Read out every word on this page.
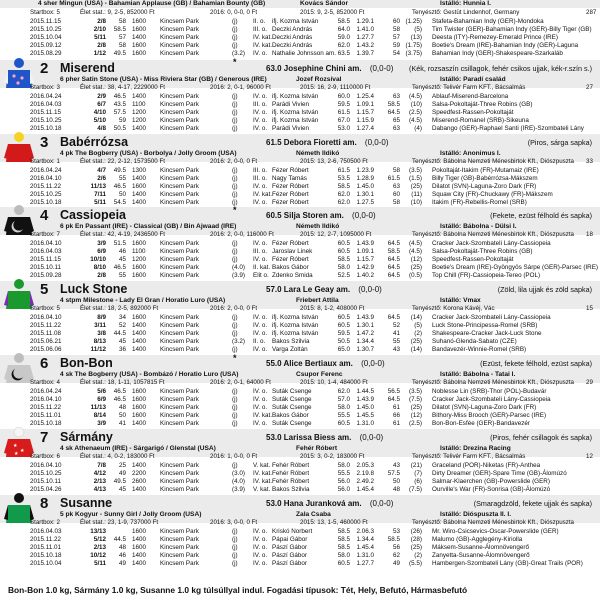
4 sher Mingun (USA) - Bahamian Applause (GB) / Bahamian Bounty (GB)	Kovács Sándor	Istálló: Hunnia I.
Startbox: 5	Élet stat.: 9, 2-5, 852000 Ft	2016: 0, 0-0, 0 Ft	2015: 9, 2-5, 852000 Ft	Tenyésztő: Gestüt Lindenhof, Germany	287
2015.11.15	2/8	58 1600 Kincsem Park	(j) II. o. ifj. Kozma István	58.5	1.29.1	60 (1.25) Stafeta-Bahamian Indy (GER)-Mondoka
2015.10.25	2/10	58.5 1600 Kincsem Park	(j) III. o. Deczki András	64.0	1.41.0	58	(5) Tim Twister (GER)-Bahamian Indy (GER)-Billy Tiger (GB)
2015.10.04	5/11	57 1400 Kincsem Park	(j) IV. kat. Deczki András	59.0	1.27.7	57	(13) Deesta (ITY)-Remezey-Emerald Prince (IRE)
2015.09.12	2/8	58 1600 Kincsem Park	(j) IV. kat. Deczki András	62.0	1.43.2	59 (1.75) Boetie's Dream (IRE)-Bahamian Indy (GER)-Laguna
2015.08.29	1/12	49.5 1600 Kincsem Park	(3.2) IV. o. Nathalie Johnsson am. 63.5	1.39.7	54 (3.75) Bahamian Indy (GER)-Shakespeare-Szarkaláb
2 Miserend	63.0 Josephine Chini am. (0,0-0) (Kék, rozsaszín csillagok, fehér csikos ujjak, kék-r.szín s.)
6 pher Satin Stone (USA) - Miss Riviera Star (GB) / Generous (IRE)	Jozef Rozsíval	Istálló: Paradí család
Startbox: 3	Élet stat.: 38, 4-17, 2229000 Ft	2016: 2, 0-1, 96000 Ft	2015: 16, 2-9, 1110000 Ft	Tenyésztő: Telivér Farm KFT., Bácsalmás	27
2016.04.24	2/9	46.5 1400 Kincsem Park	(j) IV. o. ifj. Kozma István	60.0	1.25.4	63	(4.5) Ablauf-Miserend-Barcelona
2016.04.03	6/7	43.5 1100 Kincsem Park	(j) III. o. Parádi Vivien	59.5	1.09.1	58.5	(10) Salsa-Pokoltaját-Three Robins (GB)
2015.11.15	4/10	57.5 1200 Kincsem Park	(j) IV. o. ifj. Kozma István	61.5	1.15.7	64.5	(2.5) Speedfest-Rassen-Pokoltaját
2015.10.25	5/10	59 1200 Kincsem Park	(j) IV. o. ifj. Kozma István	67.0	1.15.9	65	(4.5) Miserend-Romanel (SRB)-Sikeuna
2015.10.18	4/8	50.5 1400 Kincsem Park	(j) IV. o. Parádi Vivien	53.0	1.27.4	63	(4) Dabango (GER)-Raphael Santi (IRE)-Szombateli Lány
3 Babérrózsa	61.5 Debora Fioretti am. (0,0-0)	(Piros, sárga sapka)
4 pk The Bogberry (USA) - Borbolya / Jolly Groom (USA)	Németh Ildikó	Istálló: Anonimus I.
Startbox: 1	Élet stat.: 22, 2-12, 1573500 Ft	2016: 2, 0-0, 0 Ft	2015: 13, 2-6, 750500 Ft	Tenyésztő: Bábolna Nemzeti Ménesbirtok Kft., Diószpuszta 33
2016.04.24	4/7	49.5 1300 Kincsem Park	(j) III. o. Fézer Róbert	61.5	1.23.9	58	(3.5) Pokoltaját-Itakim (FR)-Mutamaiz (IRE)
2016.04.10	2/6	55 1400 Kincsem Park	(j) III. o. Nagy Tamás	53.5	1.28.9	61.5	(1.5) Billy Tiger (GB)-Babérrózsa-Mákszem
2015.11.22	11/13	46.5 1600 Kincsem Park	(j) IV. o. Fézer Róbert	58.5	1.45.0	63	(25) Dilatot (SVN)-Laguna-Zoro Dark (FR)
2015.10.25	7/11	50 1400 Kincsem Park	(j) IV. kat. Fézer Róbert	62.0	1.30.1	60	(11) Squaw City (FR)-Chuckawy (FR)-Mákszem
2015.10.18	5/11	54.5 1400 Kincsem Park	(j) IV. o. Fézer Róbert	62.0	1.27.5	58	(10) Itakim (FR)-Rebellis-Romel (SRB)
4 Cassiopeia	60.5 Silja Storen am. (0,0-0)	(Fekete, ezüst félhold és sapka)
6 pk En Passant (IRE) - Classical (GB) / Bin Ajwaad (IRE)	Németh Ildikó	Istálló: Bábolna - Dülsi I.
Startbox: 7	Élet stat.: 42, 4-19, 2436500 Ft	2016: 2, 0-0, 116000 Ft	2015: 12, 2-7, 1095000 Ft	Tenyésztő: Bábolna Nemzeti Ménesbirtok Kft., Diószpuszta 18
2016.04.10	3/9	51.5 1600 Kincsem Park	(j) IV. o. Fézer Róbert	60.5	1.43.9	64.5	(4.5) Cracker Jack-Szombateli Lány-Cassiopeia
2016.04.03	6/9	46 1100 Kincsem Park	(j) III. o. Jaroslav Linek	60.5	1.09.1	58.5	(4.5) Salsa-Pokoltaját-Three Robins (GB)
2015.11.15	10/10	45 1200 Kincsem Park	(j) IV. o. Fézer Róbert	58.5	1.15.7	64.5	(12) Speedfest-Rassen-Pokoltaját
2015.10.11	8/10	46.5 1600 Kincsem Park	(4.0) II. kat. Bakos Gábor	58.0	1.42.9	64.5	(25) Boetie's Dream (IRE)-Gyöngyös Sárpe (GER)-Parsec (IRE)
2015.09.28	2/8	55 1600 Kincsem Park	(3.9) Elit o. Zdenko Smida	52.5	1.40.2	64.5	(0.5) Top Chill (FR)-Cassiopeia-Tereo (POL)
5 Luck Stone	57.0 Lara Le Geay am. (0,0-0)	(Zöld, lila ujjak és zöld sapka)
4 stpm Milestone - Lady El Gran / Horatio Luro (USA)	Friebert Attila	Istálló: Vmax
Startbox: 5	Élet stat.: 18, 2-5, 892000 Ft	2016: 2, 0-0, 0 Ft	2015: 8, 1-2, 408000 Ft	Tenyésztő: Korona Kávéj, Vác	15
2016.04.10	8/9	34 1600 Kincsem Park	(j) IV. o. ifj. Kozma István	60.5	1.43.9	64.5	(14) Cracker Jack-Szombateli Lány-Cassiopeia
2015.11.22	3/11	52 1400 Kincsem Park	(j) IV. o. ifj. Kozma István	60.5	1.30.1	52	(5) Luck Stone-Principessa-Romel (SRB)
2015.11.08	3/8	44.5 1400 Kincsem Park	(j) IV. o. ifj. Kozma István	59.5	1.47.2	41	(2) Shakespeare-Cracker Jack-Luck Stone
2015.06.21	8/13	45 1400 Kincsem Park	(3.2) II. o. Bakos Szilvia	50.5	1.34.4	55	(25) Suhanó-Glenda-Sabato (CZE)
2015.06.06	11/12	36 1400 Kincsem Park	(j) IV. o. Varga Zoltán	65.0	1.30.7	43	(14) Bandavezér-Winnie-Romel (SRB)
6 Bon-Bon	55.0 Alice Bertiaux am. (0,0-0)	(Ezüst, fekete félhold, ezüst sapka)
4 sk The Bogberry (USA) - Bombázó / Horatio Luro (USA)	Csupor Ferenc	Istálló: Bábolna - Tatai I.
Startbox: 4	Élet stat.: 18, 1-11, 1057815 Ft	2016: 2, 0-1, 64000 Ft	2015: 10, 1-4, 484000 Ft	Tenyésztő: Bábolna Nemzeti Ménesbirtok Kft., Diószpuszta 29
2016.04.24	5/6	46.5 1600 Kincsem Park	(j) IV. o. Suták Csenge	62.0	1.44.5	56.5	(3.5) Noblesse Lin (SRB)-Thor (POL)-Budavár
2016.04.10	6/9	46.5 1600 Kincsem Park	(j) IV. o. Suták Csenge	57.0	1.43.9	64.5	(7.5) Cracker Jack-Szombateli Lány-Cassiopeia
2015.11.22	11/13	48 1600 Kincsem Park	(j) IV. o. Suták Csenge	58.0	1.45.0	61	(25) Dilatot (SVN)-Laguna-Zoro Dark (FR)
2015.11.01	8/14	50 1600 Kincsem Park	(j) IV. kat. Bakos Gábor	55.5	1.45.5	66	(12) Bithory-Miss Brooch (GER)-Parsec (IRE)
2015.10.18	3/9	41 1400 Kincsem Park	(j) IV. o. Suták Csenge	60.5	1.31.0	61	(2.5) Bon-Bon-Esfée (GER)-Bandavezér
★
★
★
7 Sármány	53.0 Larissa Biess am. (0,0-0)	(Piros, fehér csillagok és sapka)
4 sk Athenaeum (IRE) - Sárgarigó / Glenstal (USA)	Fehér Róbert	Istálló: Drezina Racing
Startbox: 6	Élet stat.: 4, 0-2, 183000 Ft	2016: 1, 0-0, 0 Ft	2015: 3, 0-2, 183000 Ft	Tenyésztő: Telivér Farm KFT., Bácsalmás	12
2016.04.10	7/8	25 1400 Kincsem Park	(j) V. kat. Fehér Róbert	58.0	2.05.3	43	(21) Graceland (POR)-Niketas (FR)-Anthea
2015.10.25	4/12	49 2200 Kincsem Park	(3.0) IV. kat. Fehér Róbert	55.5	2.19.8	57.5	(7) Dirty Dreamer (GER)-Spare Time (GB)-Álomúzó
2015.10.11	2/13	49.5 2600 Kincsem Park	(4.0) IV. kat. Fehér Róbert	56.0	2.49.2	50	(6) Salmar-Klaerchen (GB)-Powerslide (GER)
2015.04.26	4/13	45 1400 Kincsem Park	(3.9) V. kat. Bakos Szilvia	56.0	1.45.4	48	(7.5) Ourville's War (FR)-Sonrisa (GB)-Álomúzó
8 Susanne	53.0 Hana Juranková am. (0,0-0)	(Smaragdzöld, fekete ujjak és sapka)
5 pk Kogyur - Sunny Girl / Jolly Groom (USA)	Zala Csaba	Istálló: Dióspuszta II. I.
Startbox: 2	Élet stat.: 23, 1-9, 737000 Ft	2016: 3, 0-0, 0 Ft	2015: 13, 1-5, 460000 Ft	Tenyésztő: Bábolna Nemzeti Ménesbirtok Kft., Diószpuszta
2016.04.03	13/13	1600 Kincsem Park	(j) IV. o. Kriskó Norbert	58.5	2.06.3	53	(26) Mr. Wiro-Csicsevics-Oscar-Powerslide (GER)
2015.11.22	5/12	44.5 1400 Kincsem Park	(j) IV. o. Pápai Gábor	58.5	1.34.4	58.5	(28) Malumo (GB)-Agglegény-Kiriolla
2015.11.01	2/13	48 1600 Kincsem Park	(j) IV. o. Pászí Gábor	58.5	1.45.4	56	(25) Máksem-Susanne-Álomnövengerő
2015.10.18	10/12	46 1400 Kincsem Park	(j) IV. o. Pászí Gábor	58.0	1.31.0	62	(2) Zanyetta-Susanne-Álomnövengerő
2015.10.04	5/11	49 1400 Kincsem Park	(j) IV. o. Pászí Gábor	60.5	1.27.7	49	(5.5) Hambergen-Szombateli Lány (GB)-Great Trails (POR)
Bon-Bon 1.0 kg, Sármány 1.0 kg, Susanne 1.0 kg túlsúllyal indul. Fogadási típusok: Tét, Hely, Befutó, Hármasbefutó
*
*
*
